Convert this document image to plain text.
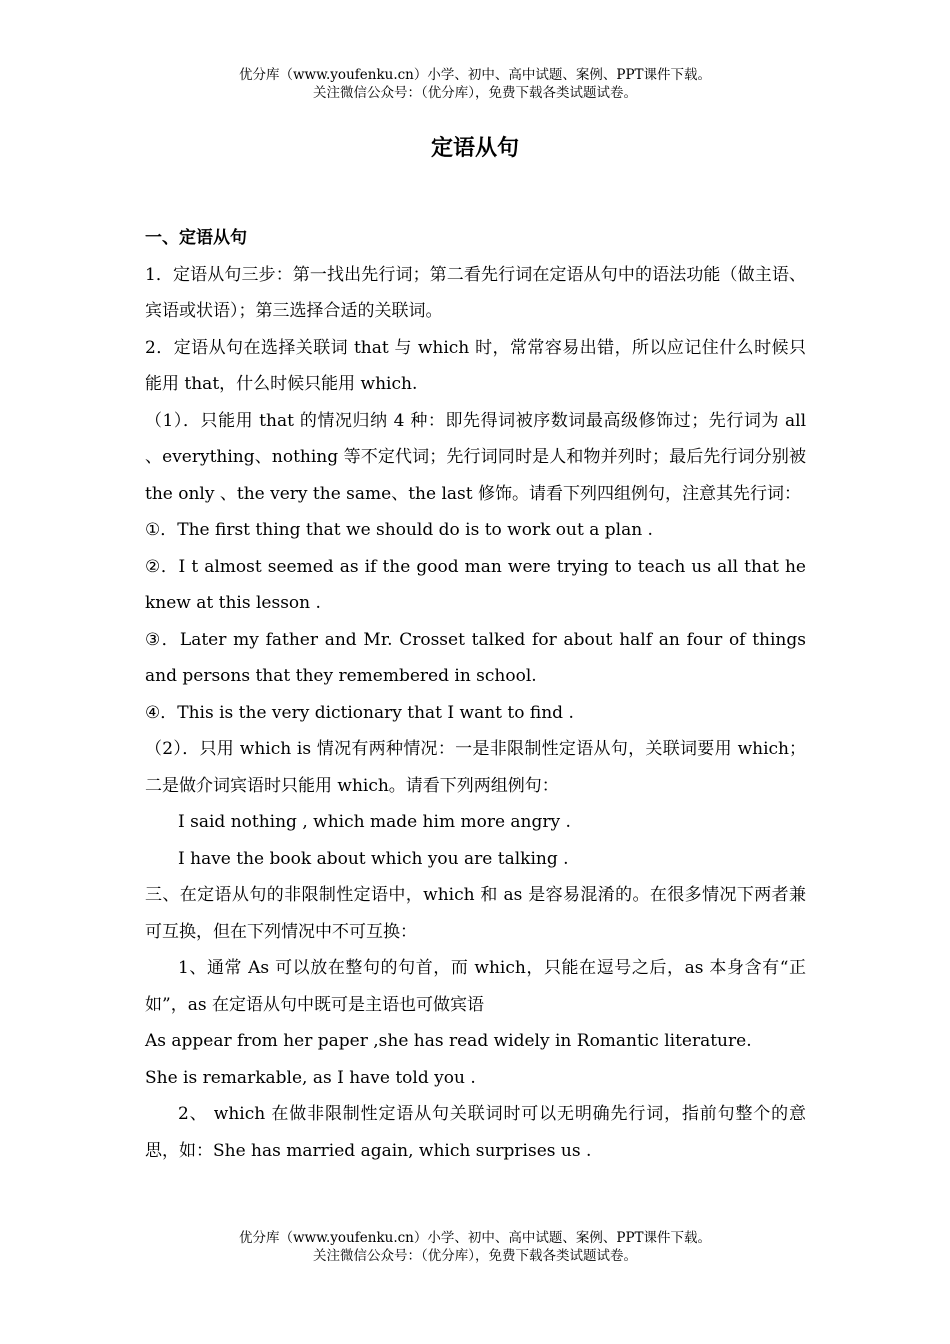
优分库（www.youfenku.cn）小学、初中、高中试题、案例、PPT课件下载。
关注微信公众号：（优分库），免费下载各类试题试卷。
定语从句

一、定语从句

1．定语从句三步：第一找出先行词；第二看先行词在定语从句中的语法功能（做主语、宾语或状语）；第三选择合适的关联词。

2．定语从句在选择关联词 that 与 which 时，常常容易出错，所以应记住什么时候只能用 that，什么时候只能用 which.

（1）．只能用 that 的情况归纳 4 种：即先得词被序数词最高级修饰过；先行词为 all 、everything、nothing 等不定代词；先行词同时是人和物并列时；最后先行词分别被 the only 、the very the same、the last 修饰。请看下列四组例句，注意其先行词：

①．The first thing that we should do is to work out a plan .

②．I t almost seemed as if the good man were trying to teach us all that he knew at this lesson .

③．Later my father and Mr. Crosset talked for about half an four of things and persons that they remembered in school.

④．This is the very dictionary that I want to find .

（2）．只用 which is 情况有两种情况：一是非限制性定语从句，关联词要用 which；二是做介词宾语时只能用 which。请看下列两组例句：

I said nothing , which made him more angry .

I have the book about which you are talking .

三、在定语从句的非限制性定语中，which 和 as 是容易混淆的。在很多情况下两者兼可互换，但在下列情况中不可互换：

1、通常 As 可以放在整句的句首，而 which，只能在逗号之后，as 本身含有“正如”，as 在定语从句中既可是主语也可做宾语

As appear from her paper ,she has read widely in Romantic literature.

She is remarkable, as I have told you .

2、 which 在做非限制性定语从句关联词时可以无明确先行词，指前句整个的意思，如：She has married again, which surprises us .

优分库（www.youfenku.cn）小学、初中、高中试题、案例、PPT课件下载。
关注微信公众号：（优分库），免费下载各类试题试卷。
